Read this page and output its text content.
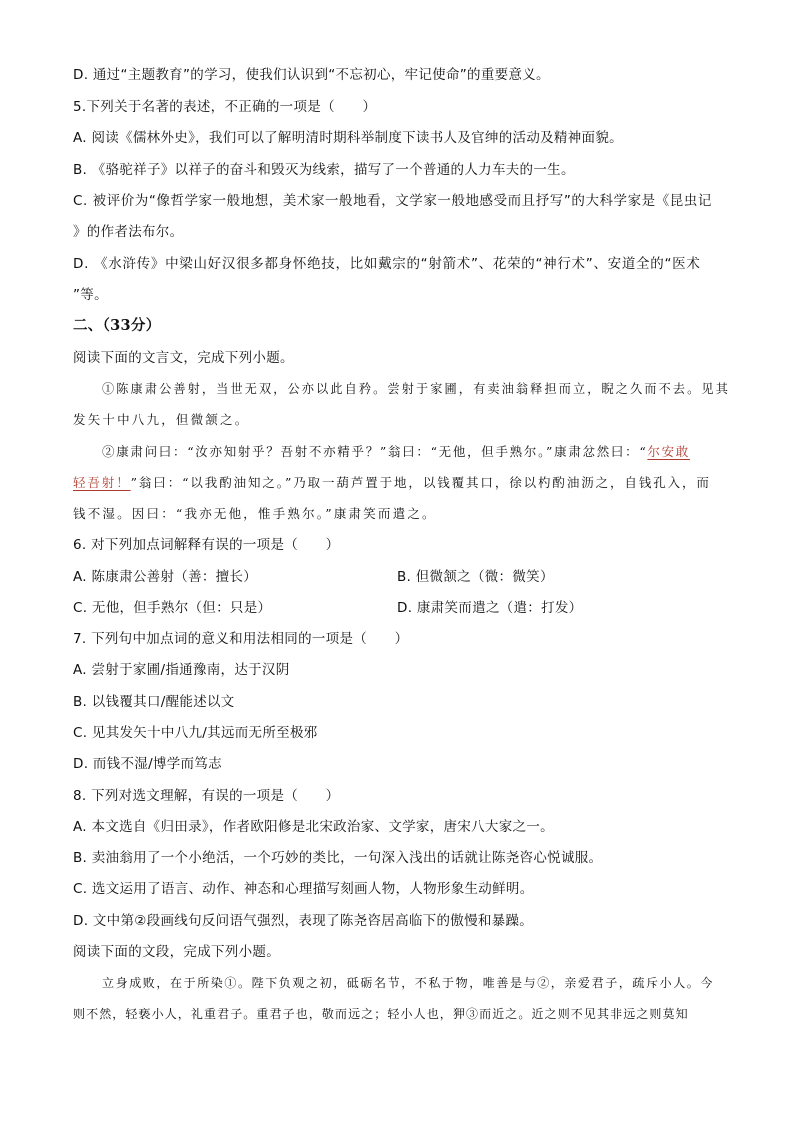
D. 通过“主题教育”的学习，使我们认识到“不忘初心，牢记使命”的重要意义。
5.下列关于名著的表述，不正确的一项是（　　）
A. 阅读《儒林外史》，我们可以了解明清时期科举制度下读书人及官绅的活动及精神面貌。
B. 《骆驼祥子》以祥子的奋斗和毁灭为线索，描写了一个普通的人力车夫的一生。
C. 被评价为“像哲学家一般地想，美术家一般地看，文学家一般地感受而且抒写”的大科学家是《昆虫记
》的作者法布尔。
D. 《水浒传》中梁山好汉很多都身怀绝技，比如戴宗的“射箭术”、花荣的“神行术”、安道全的“医术
”等。
二、（33分）
阅读下面的文言文，完成下列小题。
①陈康肃公善射，当世无双，公亦以此自矜。尝射于家圃，有卖油翁释担而立，睨之久而不去。见其
发矢十中八九，但微颔之。
②康肃问曰：“汝亦知射乎？吾射不亦精乎？”翁曰：“无他，但手熟尔。”康肃忿然曰：“尔安敢
轻吾射！”翁曰：“以我酌油知之。”乃取一葫芦置于地，以钱覆其口，徐以杓酌油沥之，自钱孔入，而
钱不湿。因曰：“我亦无他，惟手熟尔。”康肃笑而遣之。
6. 对下列加点词解释有误的一项是（　　）
A. 陈康肃公善射（善：擅长）	B. 但微颔之（微：微笑）
C. 无他，但手熟尔（但：只是）	D. 康肃笑而遣之（遣：打发）
7. 下列句中加点词的意义和用法相同的一项是（　　）
A. 尝射于家圃/指通豫南，达于汉阴
B. 以钱覆其口/醒能述以文
C. 见其发矢十中八九/其远而无所至极邪
D. 而钱不湿/博学而笃志
8. 下列对选文理解，有误的一项是（　　）
A. 本文选自《归田录》，作者欧阳修是北宋政治家、文学家，唐宋八大家之一。
B. 卖油翁用了一个小绝活，一个巧妙的类比，一句深入浅出的话就让陈尧咨心悦诚服。
C. 选文运用了语言、动作、神态和心理描写刻画人物，人物形象生动鲜明。
D. 文中第②段画线句反问语气强烈，表现了陈尧咨居高临下的傲慢和暴躁。
阅读下面的文段，完成下列小题。
立身成败，在于所染①。陛下负观之初，砥砺名节，不私于物，唯善是与②，亲爱君子，疏斥小人。今
则不然，轻亵小人，礼重君子。重君子也，敬而远之；轻小人也，狎③而近之。近之则不见其非远之则莫知
